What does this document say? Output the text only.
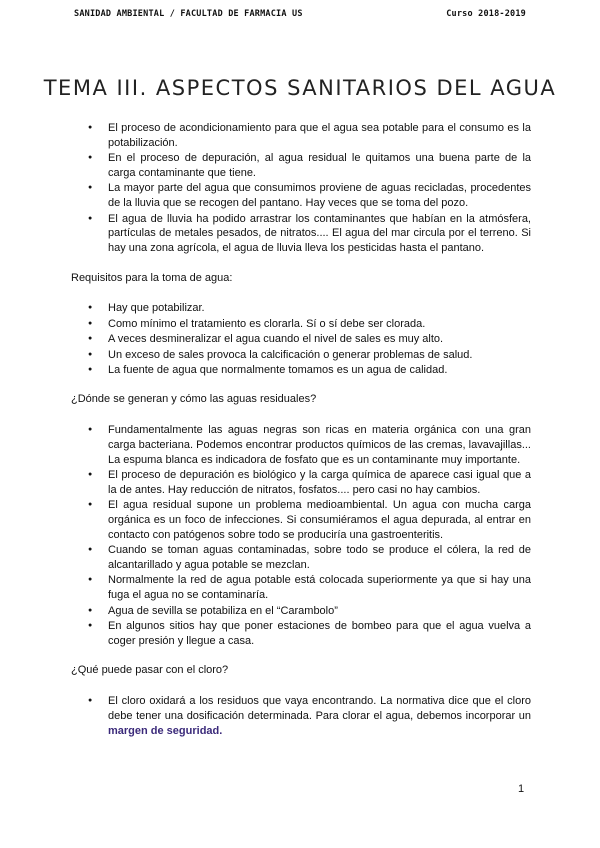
SANIDAD AMBIENTAL / FACULTAD DE FARMACIA US	Curso 2018-2019
TEMA III. ASPECTOS SANITARIOS DEL AGUA
● El proceso de acondicionamiento para que el agua sea potable para el consumo es la potabilización.
● En el proceso de depuración, al agua residual le quitamos una buena parte de la carga contaminante que tiene.
● La mayor parte del agua que consumimos proviene de aguas recicladas, procedentes de la lluvia que se recogen del pantano. Hay veces que se toma del pozo.
● El agua de lluvia ha podido arrastrar los contaminantes que habían en la atmósfera, partículas de metales pesados, de nitratos.... El agua del mar circula por el terreno. Si hay una zona agrícola, el agua de lluvia lleva los pesticidas hasta el pantano.

Requisitos para la toma de agua:

● Hay que potabilizar.
● Como mínimo el tratamiento es clorarla. Sí o sí debe ser clorada.
● A veces desmineralizar el agua cuando el nivel de sales es muy alto.
● Un exceso de sales provoca la calcificación o generar problemas de salud.
● La fuente de agua que normalmente tomamos es un agua de calidad.

¿Dónde se generan y cómo las aguas residuales?

● Fundamentalmente las aguas negras son ricas en materia orgánica con una gran carga bacteriana. Podemos encontrar productos químicos de las cremas, lavavajillas... La espuma blanca es indicadora de fosfato que es un contaminante muy importante.
● El proceso de depuración es biológico y la carga química de aparece casi igual que a la de antes. Hay reducción de nitratos, fosfatos.... pero casi no hay cambios.
● El agua residual supone un problema medioambiental. Un agua con mucha carga orgánica es un foco de infecciones. Si consumiéramos el agua depurada, al entrar en contacto con patógenos sobre todo se produciría una gastroenteritis.
● Cuando se toman aguas contaminadas, sobre todo se produce el cólera, la red de alcantarillado y agua potable se mezclan.
● Normalmente la red de agua potable está colocada superiormente ya que si hay una fuga el agua no se contaminaría.
● Agua de sevilla se potabiliza en el “Carambolo”
● En algunos sitios hay que poner estaciones de bombeo para que el agua vuelva a coger presión y llegue a casa.

¿Qué puede pasar con el cloro?

● El cloro oxidará a los residuos que vaya encontrando. La normativa dice que el cloro debe tener una dosificación determinada. Para clorar el agua, debemos incorporar un margen de seguridad.
1
